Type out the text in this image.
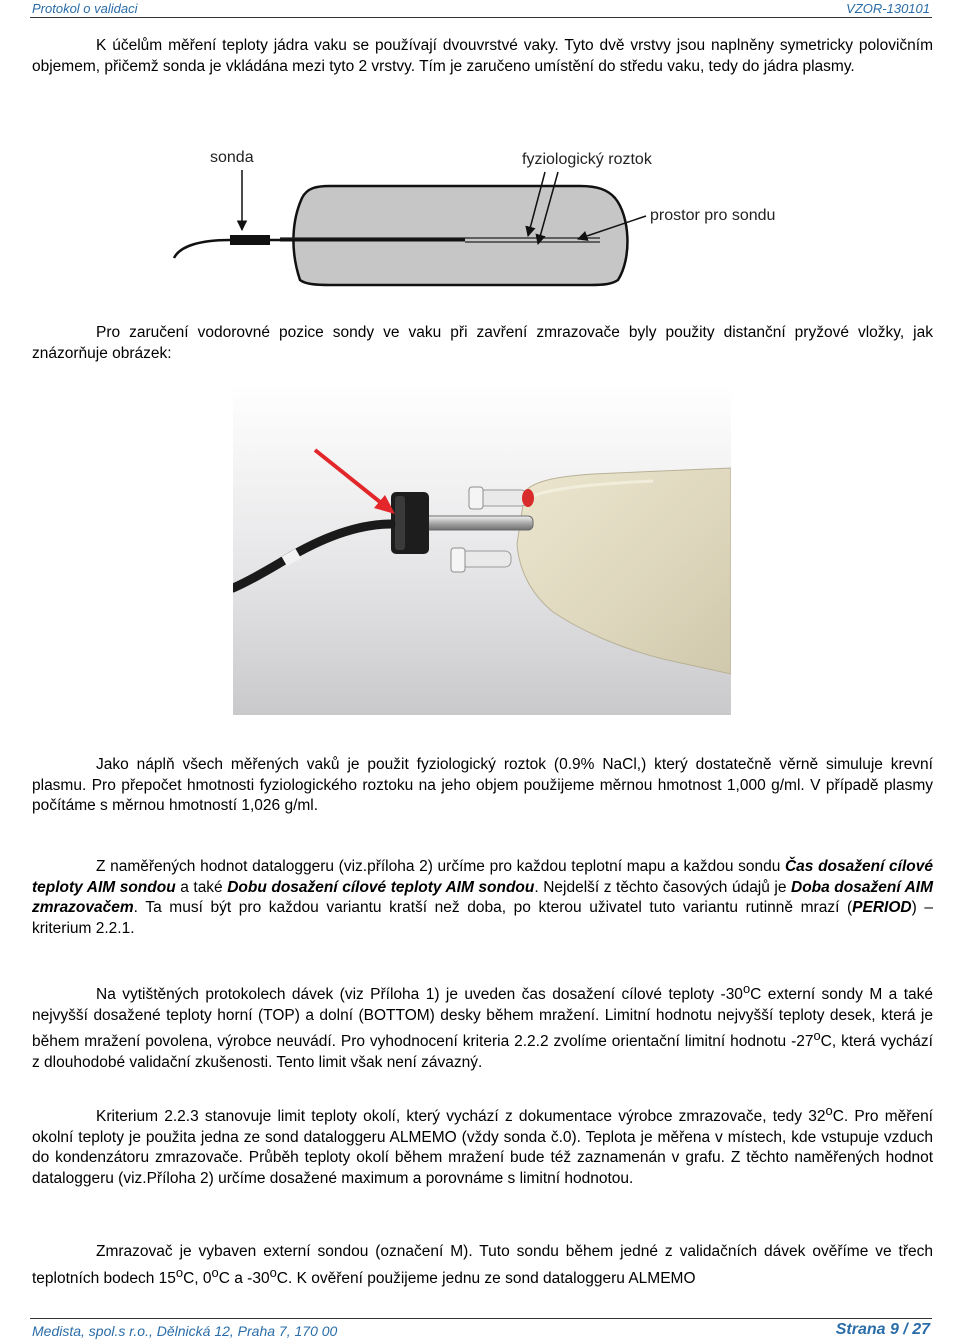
Protokol o validaci	VZOR-130101
K účelům měření teploty jádra vaku se používají dvouvrstvé vaky. Tyto dvě vrstvy jsou naplněny symetricky polovičním objemem, přičemž sonda je vkládána mezi tyto 2 vrstvy. Tím je zaručeno umístění do středu vaku, tedy do jádra plasmy.
sonda	fyziologický roztok
prostor pro sondu
Pro zaručení vodorovné pozice sondy ve vaku při zavření zmrazovače byly použity distanční pryžové vložky, jak znázorňuje obrázek:
Jako náplň všech měřených vaků je použit fyziologický roztok (0.9% NaCl,) který dostatečně věrně simuluje krevní plasmu. Pro přepočet hmotnosti fyziologického roztoku na jeho objem použijeme měrnou hmotnost 1,000 g/ml. V případě plasmy počítáme s měrnou hmotností 1,026 g/ml.
Z naměřených hodnot dataloggeru (viz.příloha 2) určíme pro každou teplotní mapu a každou sondu Čas dosažení cílové teploty AIM sondou a také Dobu dosažení cílové teploty AIM sondou. Nejdelší z těchto časových údajů je Doba dosažení AIM zmrazovačem. Ta musí být pro každou variantu kratší než doba, po kterou uživatel tuto variantu rutinně mrazí (PERIOD) – kriterium 2.2.1.
Na vytištěných protokolech dávek (viz Příloha 1) je uveden čas dosažení cílové teploty -30$^o$C externí sondy M a také nejvyšší dosažené teploty horní (TOP) a dolní (BOTTOM) desky během mražení. Limitní hodnotu nejvyšší teploty desek, která je během mražení povolena, výrobce neuvádí. Pro vyhodnocení kriteria 2.2.2 zvolíme orientační limitní hodnotu -27$^o$C, která vychází z dlouhodobé validační zkušenosti. Tento limit však není závazný.
Kriterium 2.2.3 stanovuje limit teploty okolí, který vychází z dokumentace výrobce zmrazovače, tedy 32$^o$C. Pro měření okolní teploty je použita jedna ze sond dataloggeru ALMEMO (vždy sonda č.0). Teplota je měřena v místech, kde vstupuje vzduch do kondenzátoru zmrazovače. Průběh teploty okolí během mražení bude též zaznamenán v grafu. Z těchto naměřených hodnot dataloggeru (viz.Příloha 2) určíme dosažené maximum a porovnáme s limitní hodnotou.
Zmrazovač je vybaven externí sondou (označení M). Tuto sondu během jedné z validačních dávek ověříme ve třech teplotních bodech 15$^o$C, 0$^o$C a -30$^o$C. K ověření použijeme jednu ze sond dataloggeru ALMEMO
Medista, spol.s r.o., Dělnická 12, Praha 7, 170 00	Strana 9 / 27
